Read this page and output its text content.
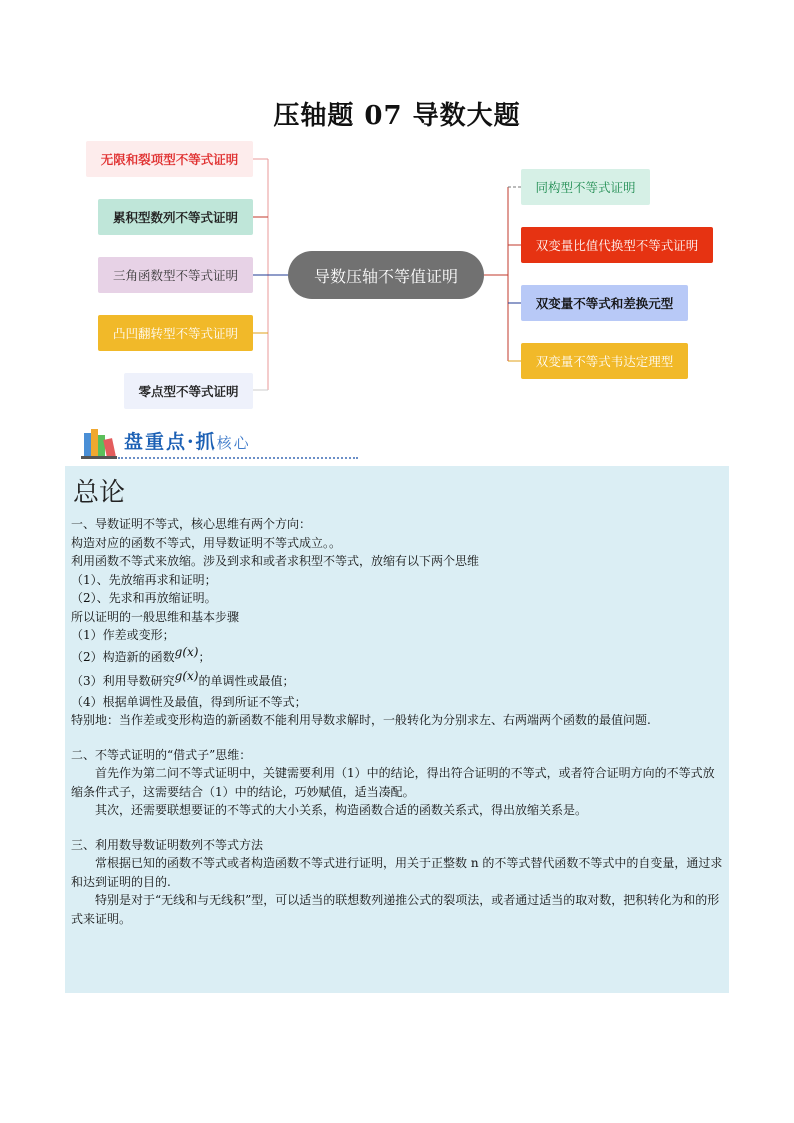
压轴题 07 导数大题
无限和裂项型不等式证明
累积型数列不等式证明
三角函数型不等式证明
凸凹翻转型不等式证明
零点型不等式证明
导数压轴不等值证明
同构型不等式证明
双变量比值代换型不等式证明
双变量不等式和差换元型
双变量不等式韦达定理型
盘重点·抓核心
总论

一、导数证明不等式，核心思维有两个方向：

构造对应的函数不等式，用导数证明不等式成立。。

利用函数不等式来放缩。涉及到求和或者求积型不等式，放缩有以下两个思维

（1）、先放缩再求和证明；

（2）、先求和再放缩证明。

所以证明的一般思维和基本步骤

（1）作差或变形；

（2）构造新的函数g(x)；

（3）利用导数研究g(x)的单调性或最值；

（4）根据单调性及最值，得到所证不等式；

特别地：当作差或变形构造的新函数不能利用导数求解时，一般转化为分别求左、右两端两个函数的最值问题.

二、不等式证明的“借式子”思维：

首先作为第二问不等式证明中，关键需要利用（1）中的结论，得出符合证明的不等式，或者符合证明方向的不等式放缩条件式子，这需要结合（1）中的结论，巧妙赋值，适当凑配。

其次，还需要联想要证的不等式的大小关系，构造函数合适的函数关系式，得出放缩关系是。

三、利用数导数证明数列不等式方法

常根据已知的函数不等式或者构造函数不等式进行证明，用关于正整数 n 的不等式替代函数不等式中的自变量，通过求和达到证明的目的.

特别是对于“无线和与无线积”型，可以适当的联想数列递推公式的裂项法，或者通过适当的取对数，把积转化为和的形式来证明。
